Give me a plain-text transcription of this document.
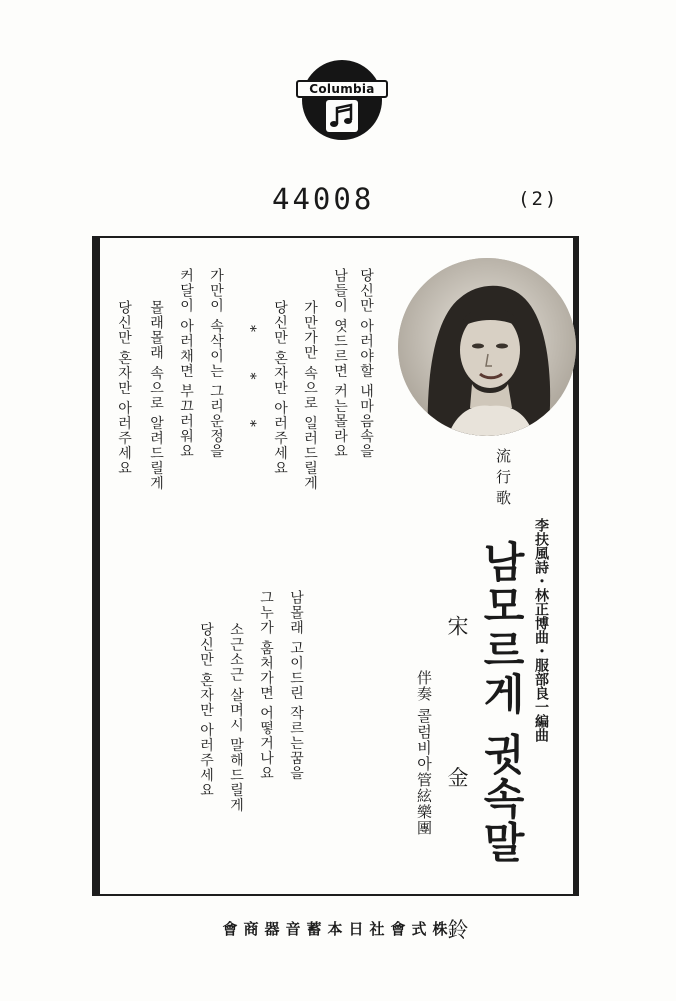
Columbia
44008	(2)
流行歌
李扶風詩・林正博曲・服部良一編曲
남모르게 귓속말
宋 金 鈴
伴奏 콜럼비아管絃樂團
당신만 아러야할 내마음속을
남들이 엿드르면 커는몰라요
가만가만 속으로 일러드릴게
당신만 혼자만 아러주세요
* * *
가만이 속삭이는 그리운정을
커달이 아러채면 부끄러워요
몰래몰래 속으로 알려드릴게
당신만 혼자만 아러주세요
남몰래 고이드린 작르는꿈을
그누가 훔처가면 어떻거나요
소근소근 살며시 말해드릴게
당신만 혼자만 아러주세요
會商器音蓄本日社會式株
